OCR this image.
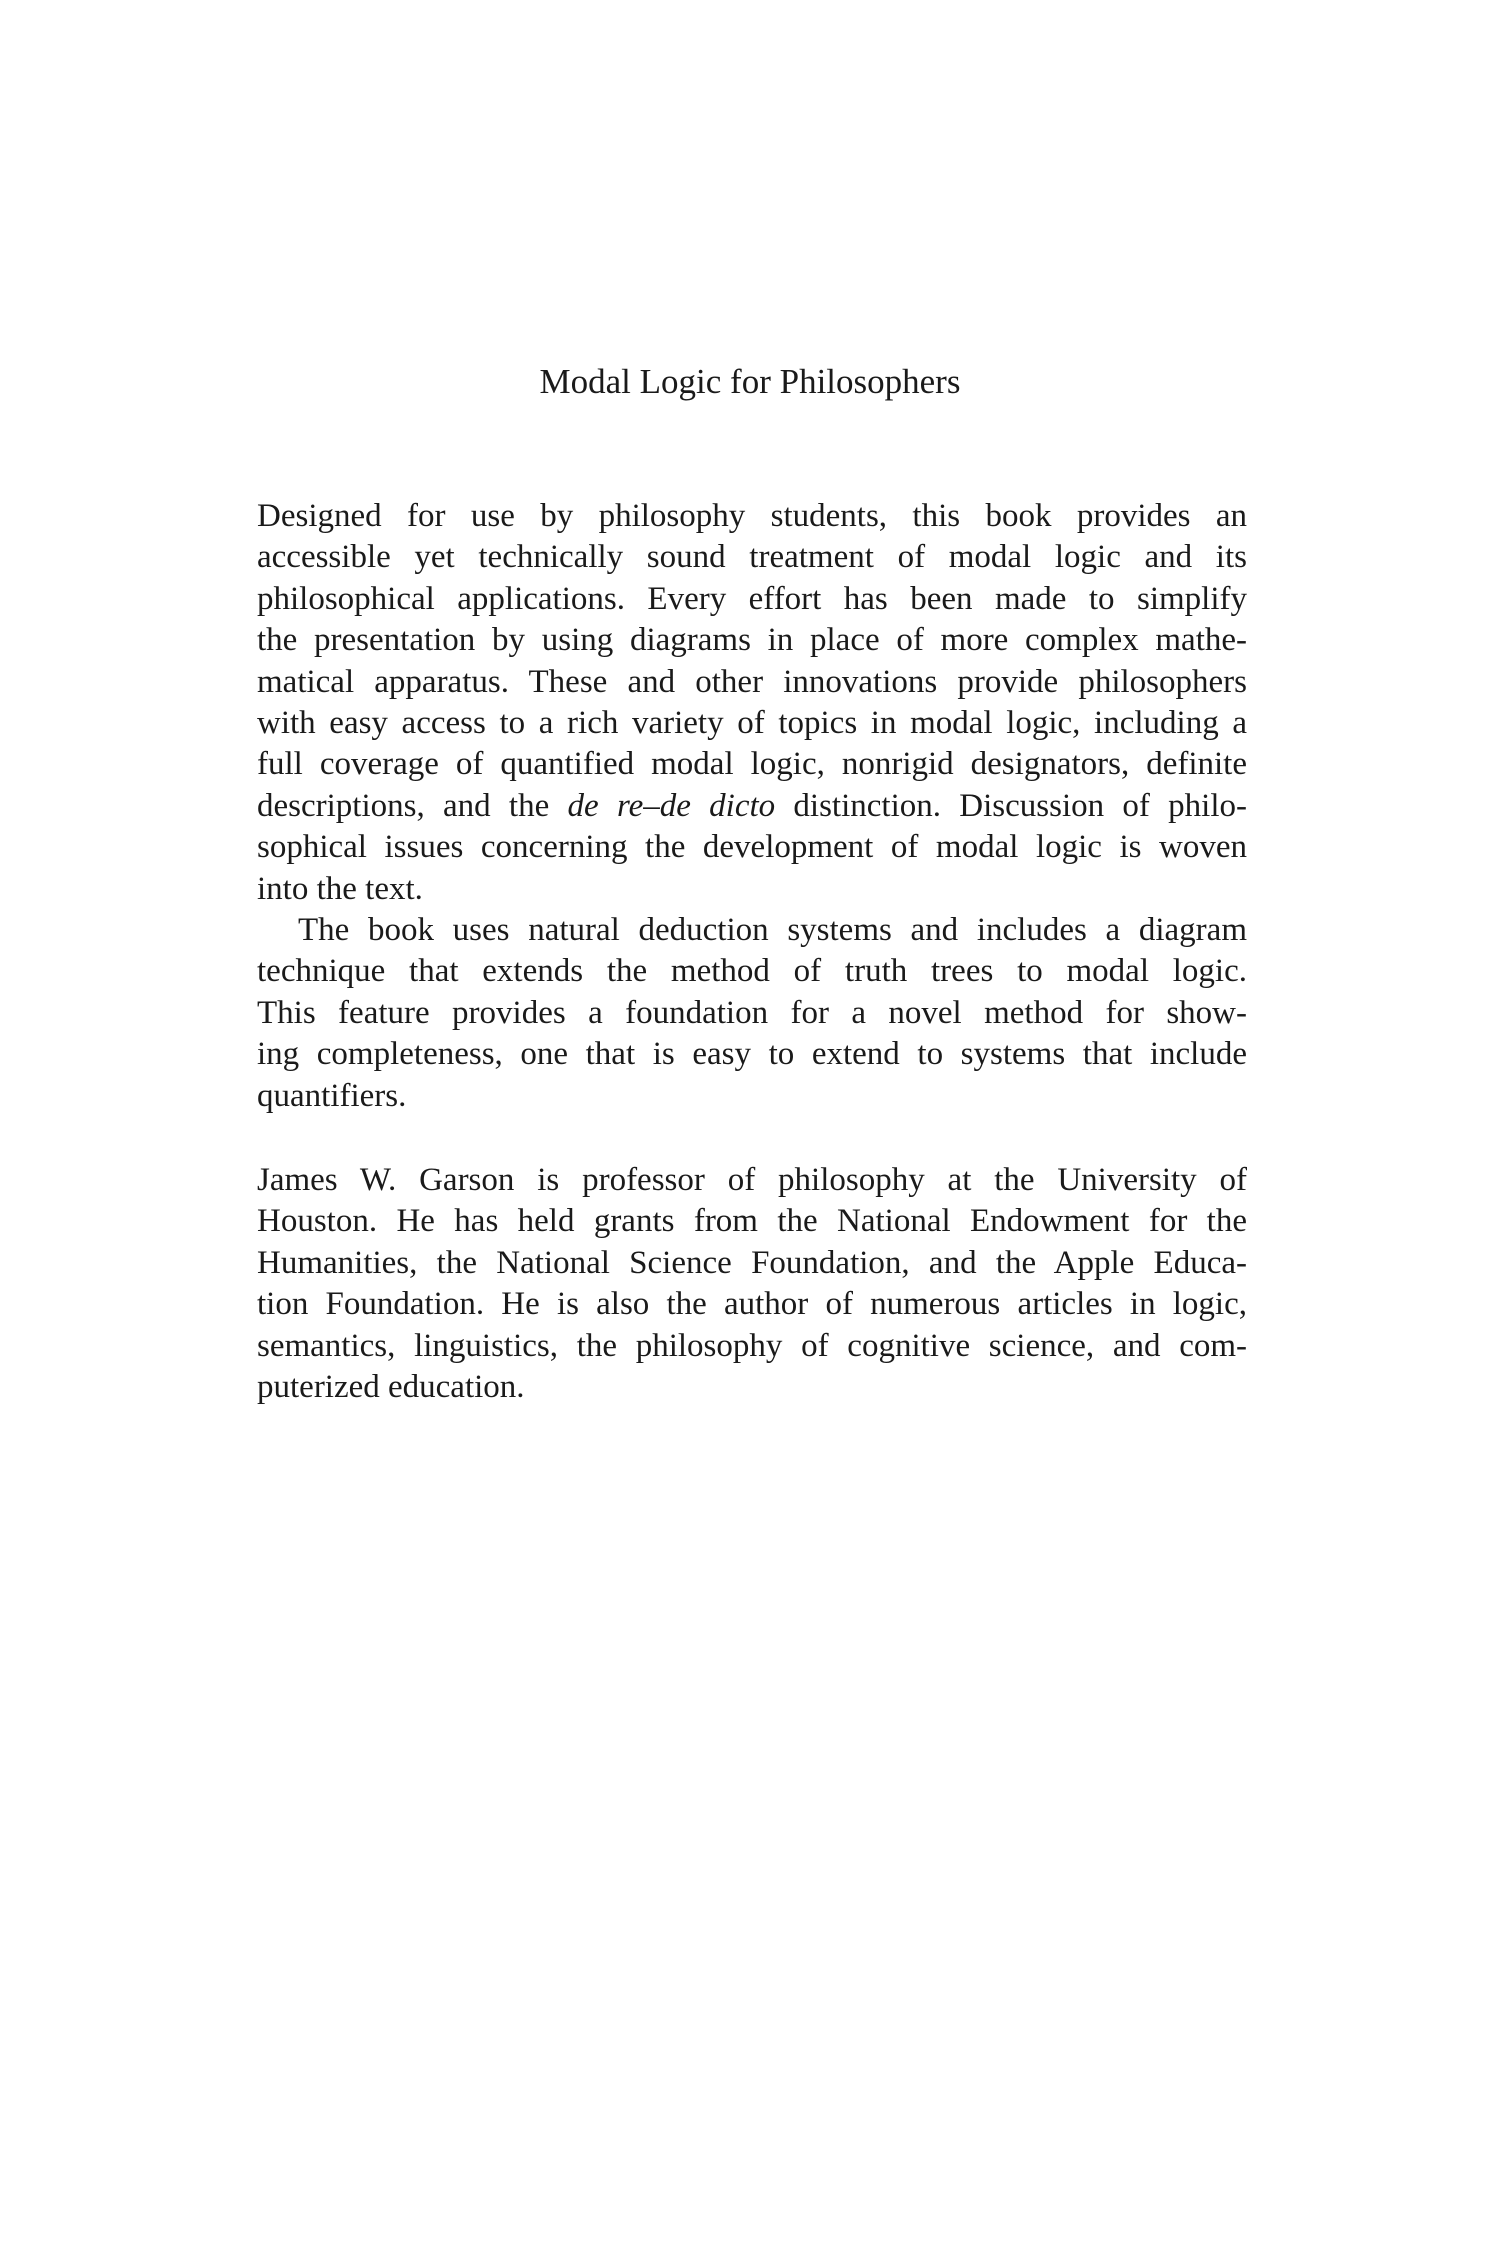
Modal Logic for Philosophers
Designed for use by philosophy students, this book provides an
accessible yet technically sound treatment of modal logic and its
philosophical applications. Every effort has been made to simplify
the presentation by using diagrams in place of more complex mathe-
matical apparatus. These and other innovations provide philosophers
with easy access to a rich variety of topics in modal logic, including a
full coverage of quantified modal logic, nonrigid designators, definite
descriptions, and the de re–de dicto distinction. Discussion of philo-
sophical issues concerning the development of modal logic is woven
into the text.
The book uses natural deduction systems and includes a diagram
technique that extends the method of truth trees to modal logic.
This feature provides a foundation for a novel method for show-
ing completeness, one that is easy to extend to systems that include
quantifiers.
James W. Garson is professor of philosophy at the University of
Houston. He has held grants from the National Endowment for the
Humanities, the National Science Foundation, and the Apple Educa-
tion Foundation. He is also the author of numerous articles in logic,
semantics, linguistics, the philosophy of cognitive science, and com-
puterized education.
